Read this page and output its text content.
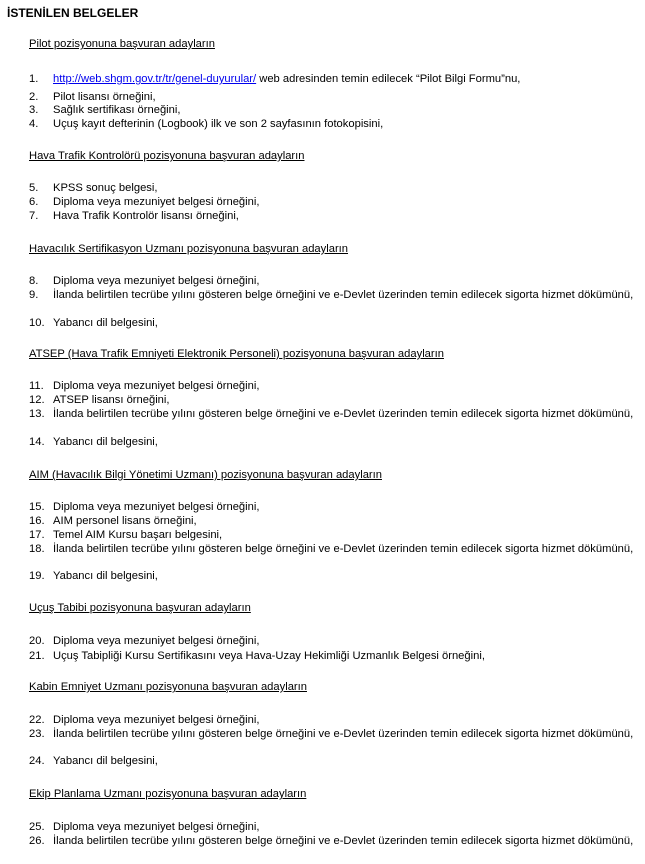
İSTENİLEN BELGELER
Pilot pozisyonuna başvuran adayların
1. http://web.shgm.gov.tr/tr/genel-duyurular/ web adresinden temin edilecek “Pilot Bilgi Formu”nu,
2. Pilot lisansı örneğini,
3. Sağlık sertifikası örneğini,
4. Uçuş kayıt defterinin (Logbook) ilk ve son 2 sayfasının fotokopisini,
Hava Trafik Kontrolörü pozisyonuna başvuran adayların
5. KPSS sonuç belgesi,
6. Diploma veya mezuniyet belgesi örneğini,
7. Hava Trafik Kontrolör lisansı örneğini,
Havacılık Sertifikasyon Uzmanı pozisyonuna başvuran adayların
8. Diploma veya mezuniyet belgesi örneğini,
9. İlanda belirtilen tecrübe yılını gösteren belge örneğini ve e-Devlet üzerinden temin edilecek sigorta hizmet dökümünü,
10. Yabancı dil belgesini,
ATSEP (Hava Trafik Emniyeti Elektronik Personeli) pozisyonuna başvuran adayların
11. Diploma veya mezuniyet belgesi örneğini,
12. ATSEP lisansı örneğini,
13. İlanda belirtilen tecrübe yılını gösteren belge örneğini ve e-Devlet üzerinden temin edilecek sigorta hizmet dökümünü,
14. Yabancı dil belgesini,
AIM (Havacılık Bilgi Yönetimi Uzmanı) pozisyonuna başvuran adayların
15. Diploma veya mezuniyet belgesi örneğini,
16. AIM personel lisans örneğini,
17. Temel AIM Kursu başarı belgesini,
18. İlanda belirtilen tecrübe yılını gösteren belge örneğini ve e-Devlet üzerinden temin edilecek sigorta hizmet dökümünü,
19. Yabancı dil belgesini,
Uçuş Tabibi pozisyonuna başvuran adayların
20. Diploma veya mezuniyet belgesi örneğini,
21. Uçuş Tabipliği Kursu Sertifikasını veya Hava-Uzay Hekimliği Uzmanlık Belgesi örneğini,
Kabin Emniyet Uzmanı pozisyonuna başvuran adayların
22. Diploma veya mezuniyet belgesi örneğini,
23. İlanda belirtilen tecrübe yılını gösteren belge örneğini ve e-Devlet üzerinden temin edilecek sigorta hizmet dökümünü,
24. Yabancı dil belgesini,
Ekip Planlama Uzmanı pozisyonuna başvuran adayların
25. Diploma veya mezuniyet belgesi örneğini,
26. İlanda belirtilen tecrübe yılını gösteren belge örneğini ve e-Devlet üzerinden temin edilecek sigorta hizmet dökümünü,
